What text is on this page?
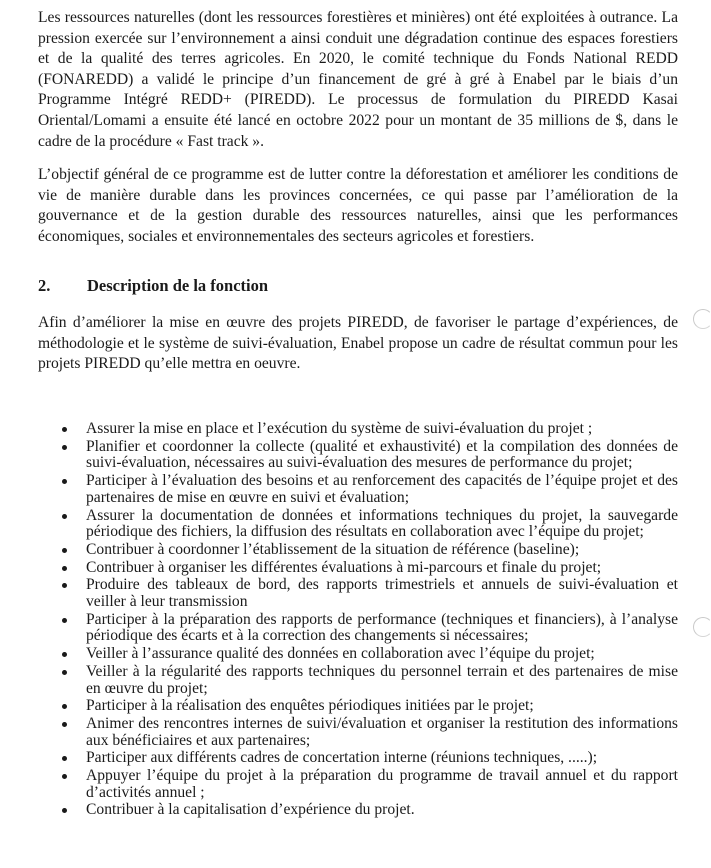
Les ressources naturelles (dont les ressources forestières et minières) ont été exploitées à outrance. La pression exercée sur l’environnement a ainsi conduit une dégradation continue des espaces forestiers et de la qualité des terres agricoles. En 2020, le comité technique du Fonds National REDD (FONAREDD) a validé le principe d’un financement de gré à gré à Enabel par le biais d’un Programme Intégré REDD+ (PIREDD). Le processus de formulation du PIREDD Kasai Oriental/Lomami a ensuite été lancé en octobre 2022 pour un montant de 35 millions de $, dans le cadre de la procédure « Fast track ».

L’objectif général de ce programme est de lutter contre la déforestation et améliorer les conditions de vie de manière durable dans les provinces concernées, ce qui passe par l’amélioration de la gouvernance et de la gestion durable des ressources naturelles, ainsi que les performances économiques, sociales et environnementales des secteurs agricoles et forestiers.

2.	Description de la fonction

Afin d’améliorer la mise en œuvre des projets PIREDD, de favoriser le partage d’expériences, de méthodologie et le système de suivi-évaluation, Enabel propose un cadre de résultat commun pour les projets PIREDD qu’elle mettra en oeuvre.

Assurer la mise en place et l’exécution du système de suivi-évaluation du projet ;
Planifier et coordonner la collecte (qualité et exhaustivité) et la compilation des données de suivi-évaluation, nécessaires au suivi-évaluation des mesures de performance du projet;
Participer à l’évaluation des besoins et au renforcement des capacités de l’équipe projet et des partenaires de mise en œuvre en suivi et évaluation;
Assurer la documentation de données et informations techniques du projet, la sauvegarde périodique des fichiers, la diffusion des résultats en collaboration avec l’équipe du projet;
Contribuer à coordonner l’établissement de la situation de référence (baseline);
Contribuer à organiser les différentes évaluations à mi-parcours et finale du projet;
Produire des tableaux de bord, des rapports trimestriels et annuels de suivi-évaluation et veiller à leur transmission
Participer à la préparation des rapports de performance (techniques et financiers), à l’analyse périodique des écarts et à la correction des changements si nécessaires;
Veiller à l’assurance qualité des données en collaboration avec l’équipe du projet;
Veiller à la régularité des rapports techniques du personnel terrain et des partenaires de mise en œuvre du projet;
Participer à la réalisation des enquêtes périodiques initiées par le projet;
Animer des rencontres internes de suivi/évaluation et organiser la restitution des informations aux bénéficiaires et aux partenaires;
Participer aux différents cadres de concertation interne (réunions techniques, .....);
Appuyer l’équipe du projet à la préparation du programme de travail annuel et du rapport d’activités annuel ;
Contribuer à la capitalisation d’expérience du projet.
